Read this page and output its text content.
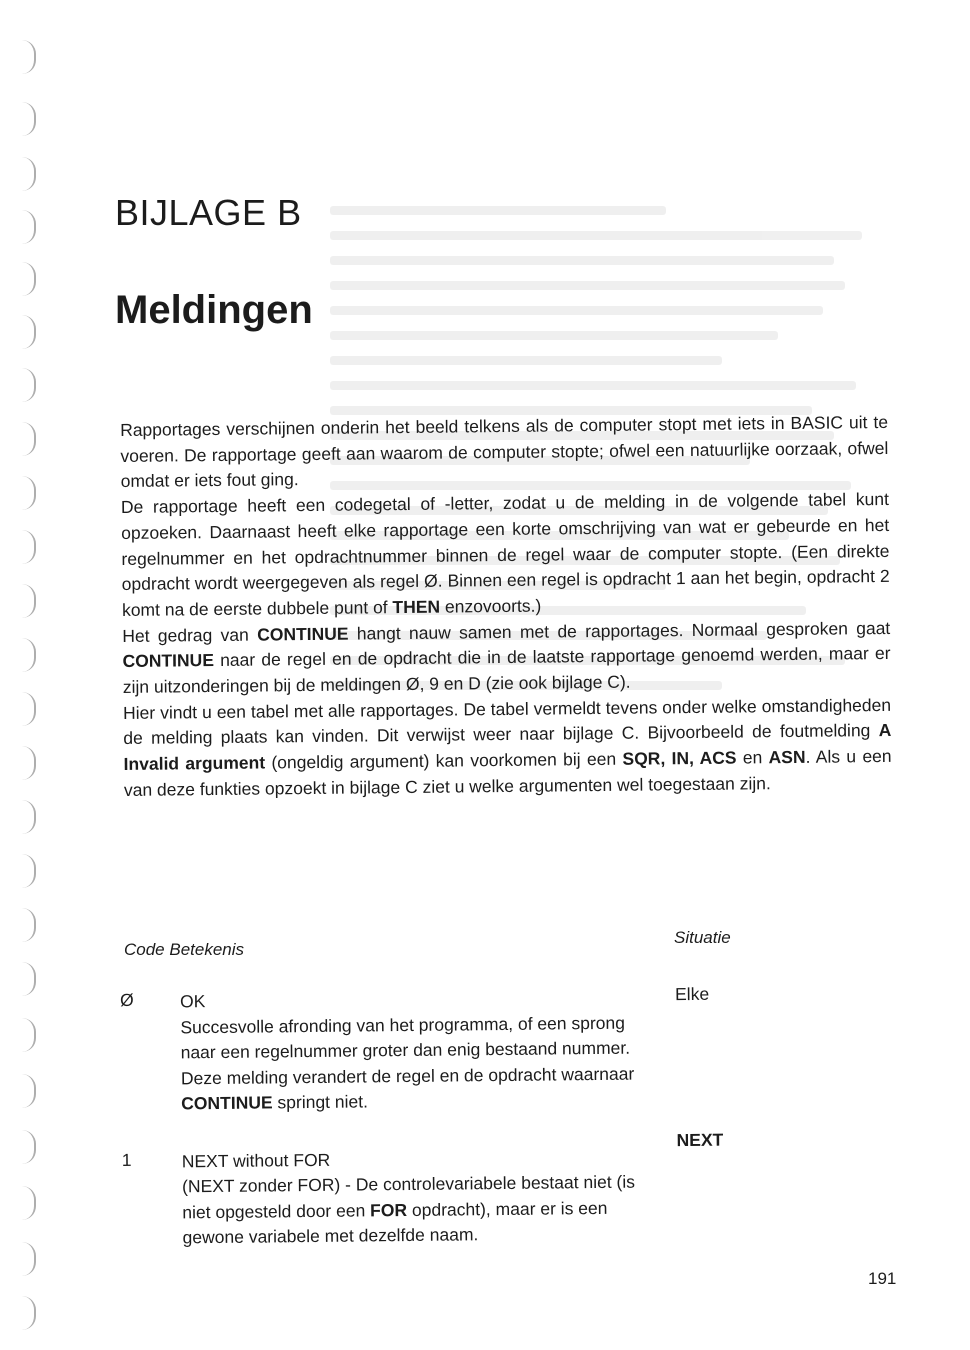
BIJLAGE B
Meldingen

Rapportages verschijnen onderin het beeld telkens als de computer stopt met iets in BASIC uit te voeren. De rapportage geeft aan waarom de computer stopte; ofwel een natuurlijke oorzaak, ofwel omdat er iets fout ging.

De rapportage heeft een codegetal of -letter, zodat u de melding in de volgende tabel kunt opzoeken. Daarnaast heeft elke rapportage een korte omschrijving van wat er gebeurde en het regelnummer en het opdrachtnummer binnen de regel waar de computer stopte. (Een direkte opdracht wordt weergegeven als regel Ø. Binnen een regel is opdracht 1 aan het begin, opdracht 2 komt na de eerste dubbele punt of THEN enzovoorts.)

Het gedrag van CONTINUE hangt nauw samen met de rapportages. Normaal gesproken gaat CONTINUE naar de regel en de opdracht die in de laatste rapportage genoemd werden, maar er zijn uitzonderingen bij de meldingen Ø, 9 en D (zie ook bijlage C).

Hier vindt u een tabel met alle rapportages. De tabel vermeldt tevens onder welke omstandigheden de melding plaats kan vinden. Dit verwijst weer naar bijlage C. Bijvoorbeeld de foutmelding A Invalid argument (ongeldig argument) kan voorkomen bij een SQR, IN, ACS en ASN. Als u een van deze funkties opzoekt in bijlage C ziet u welke argumenten wel toegestaan zijn.

Code Betekenis
Situatie
Ø	OK
Succesvolle afronding van het programma, of een sprong naar een regelnummer groter dan enig bestaand nummer. Deze melding verandert de regel en de opdracht waarnaar CONTINUE springt niet.
Elke
1	NEXT without FOR
(NEXT zonder FOR) - De controlevariabele bestaat niet (is niet opgesteld door een FOR opdracht), maar er is een gewone variabele met dezelfde naam.
NEXT
191
